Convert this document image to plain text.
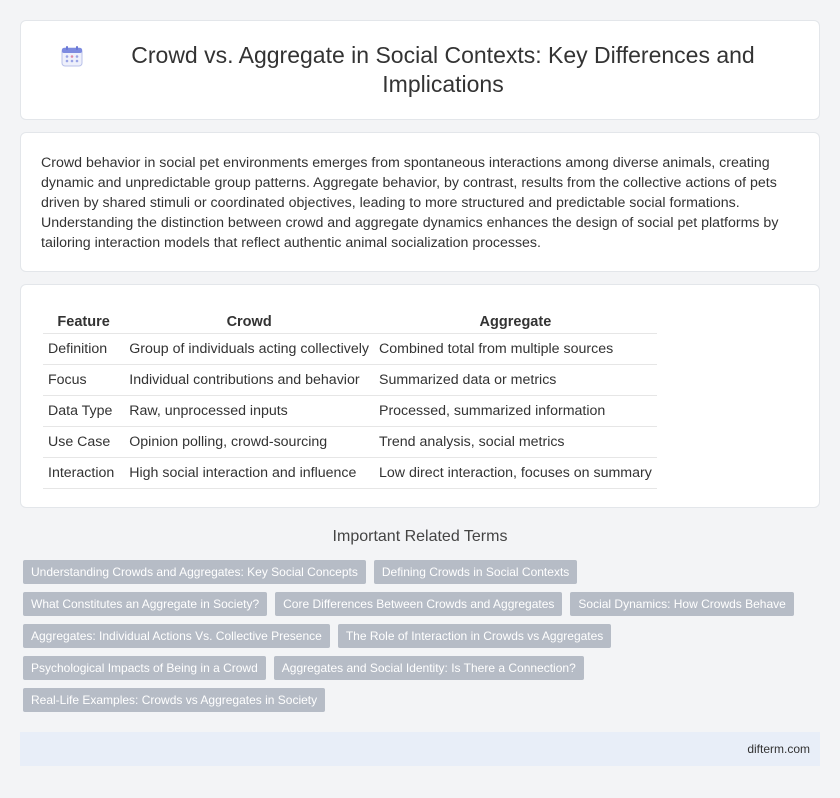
Crowd vs. Aggregate in Social Contexts: Key Differences and Implications

Crowd behavior in social pet environments emerges from spontaneous interactions among diverse animals, creating dynamic and unpredictable group patterns. Aggregate behavior, by contrast, results from the collective actions of pets driven by shared stimuli or coordinated objectives, leading to more structured and predictable social formations. Understanding the distinction between crowd and aggregate dynamics enhances the design of social pet platforms by tailoring interaction models that reflect authentic animal socialization processes.

Feature	Crowd	Aggregate
Definition	Group of individuals acting collectively	Combined total from multiple sources
Focus	Individual contributions and behavior	Summarized data or metrics
Data Type	Raw, unprocessed inputs	Processed, summarized information
Use Case	Opinion polling, crowd-sourcing	Trend analysis, social metrics
Interaction	High social interaction and influence	Low direct interaction, focuses on summary
Important Related Terms
Understanding Crowds and Aggregates: Key Social Concepts	Defining Crowds in Social Contexts
What Constitutes an Aggregate in Society?	Core Differences Between Crowds and Aggregates	Social Dynamics: How Crowds Behave
Aggregates: Individual Actions Vs. Collective Presence	The Role of Interaction in Crowds vs Aggregates
Psychological Impacts of Being in a Crowd	Aggregates and Social Identity: Is There a Connection?
Real-Life Examples: Crowds vs Aggregates in Society
difterm.com
